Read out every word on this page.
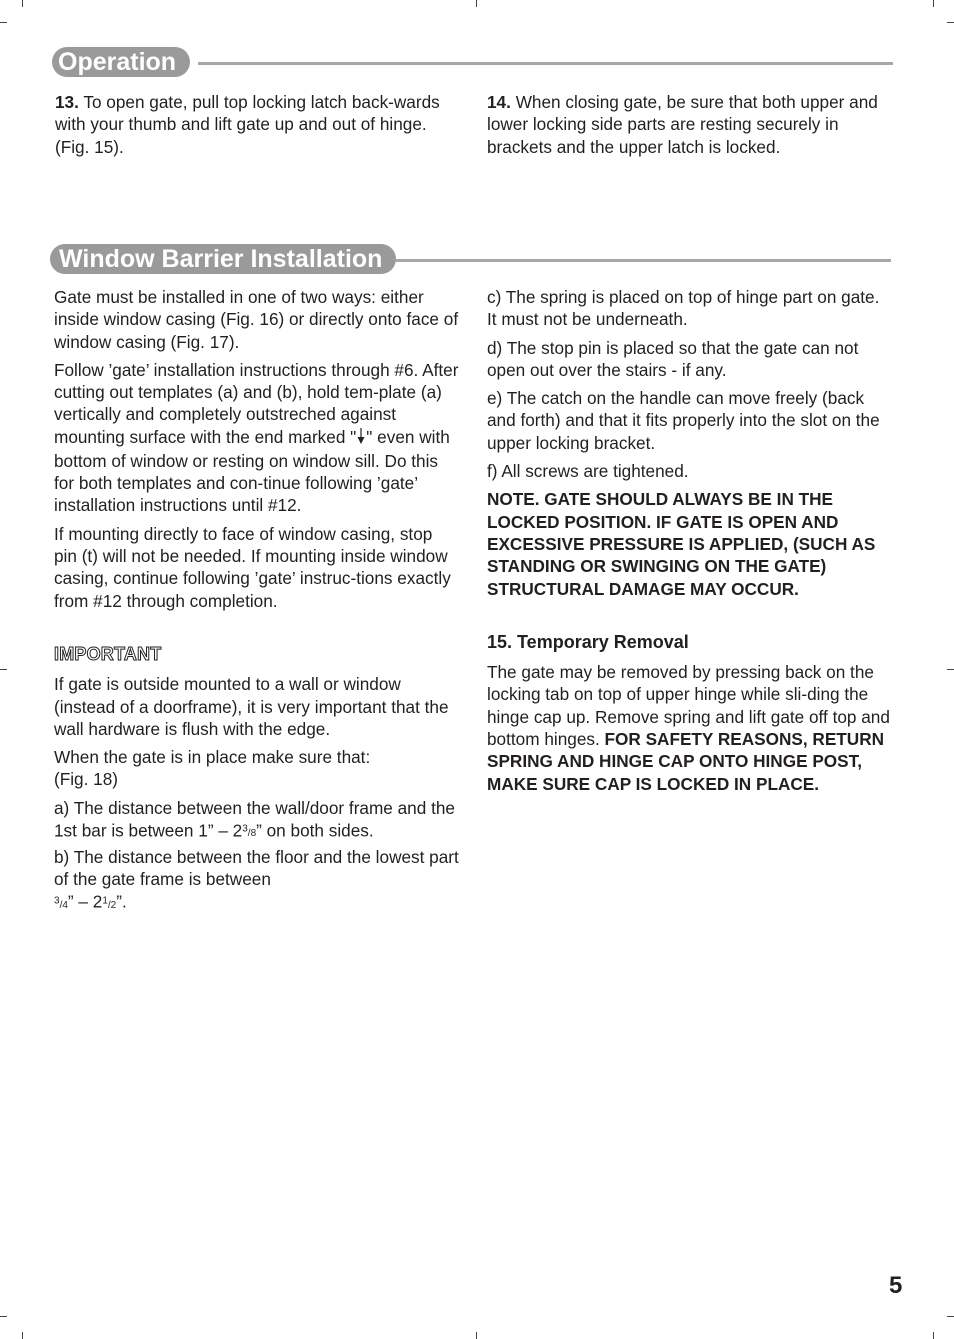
Operation

13. To open gate, pull top locking latch back-wards with your thumb and lift gate up and out of hinge. (Fig. 15).

14. When closing gate, be sure that both upper and lower locking side parts are resting securely in brackets and the upper latch is locked.

Window Barrier Installation

Gate must be installed in one of two ways: either inside window casing (Fig. 16) or directly onto face of window casing (Fig. 17).

Follow ’gate’ installation instructions through #6. After cutting out templates (a) and (b), hold tem-plate (a) vertically and completely outstreched against mounting surface with the end marked " " even with bottom of window or resting on window sill. Do this for both templates and con-tinue following ’gate’ installation instructions until #12.

If mounting directly to face of window casing, stop pin (t) will not be needed. If mounting inside window casing, continue following ’gate’ instruc-tions exactly from #12 through completion.

IMPORTANT

If gate is outside mounted to a wall or window (instead of a doorframe), it is very important that the wall hardware is flush with the edge.

When the gate is in place make sure that:
(Fig. 18)

a) The distance between the wall/door frame and the 1st bar is between 1” – 23/8” on both sides.

b) The distance between the floor and the lowest part of the gate frame is between
3/4” – 21/2”.

c) The spring is placed on top of hinge part on gate. It must not be underneath.

d) The stop pin is placed so that the gate can not open out over the stairs - if any.

e) The catch on the handle can move freely (back and forth) and that it fits properly into the slot on the upper locking bracket.

f) All screws are tightened.

NOTE. GATE SHOULD ALWAYS BE IN THE LOCKED POSITION. IF GATE IS OPEN AND EXCESSIVE PRESSURE IS APPLIED, (SUCH AS STANDING OR SWINGING ON THE GATE) STRUCTURAL DAMAGE MAY OCCUR.

15. Temporary Removal

The gate may be removed by pressing back on the locking tab on top of upper hinge while sli-ding the hinge cap up. Remove spring and lift gate off top and bottom hinges. FOR SAFETY REASONS, RETURN SPRING AND HINGE CAP ONTO HINGE POST, MAKE SURE CAP IS LOCKED IN PLACE.

5
